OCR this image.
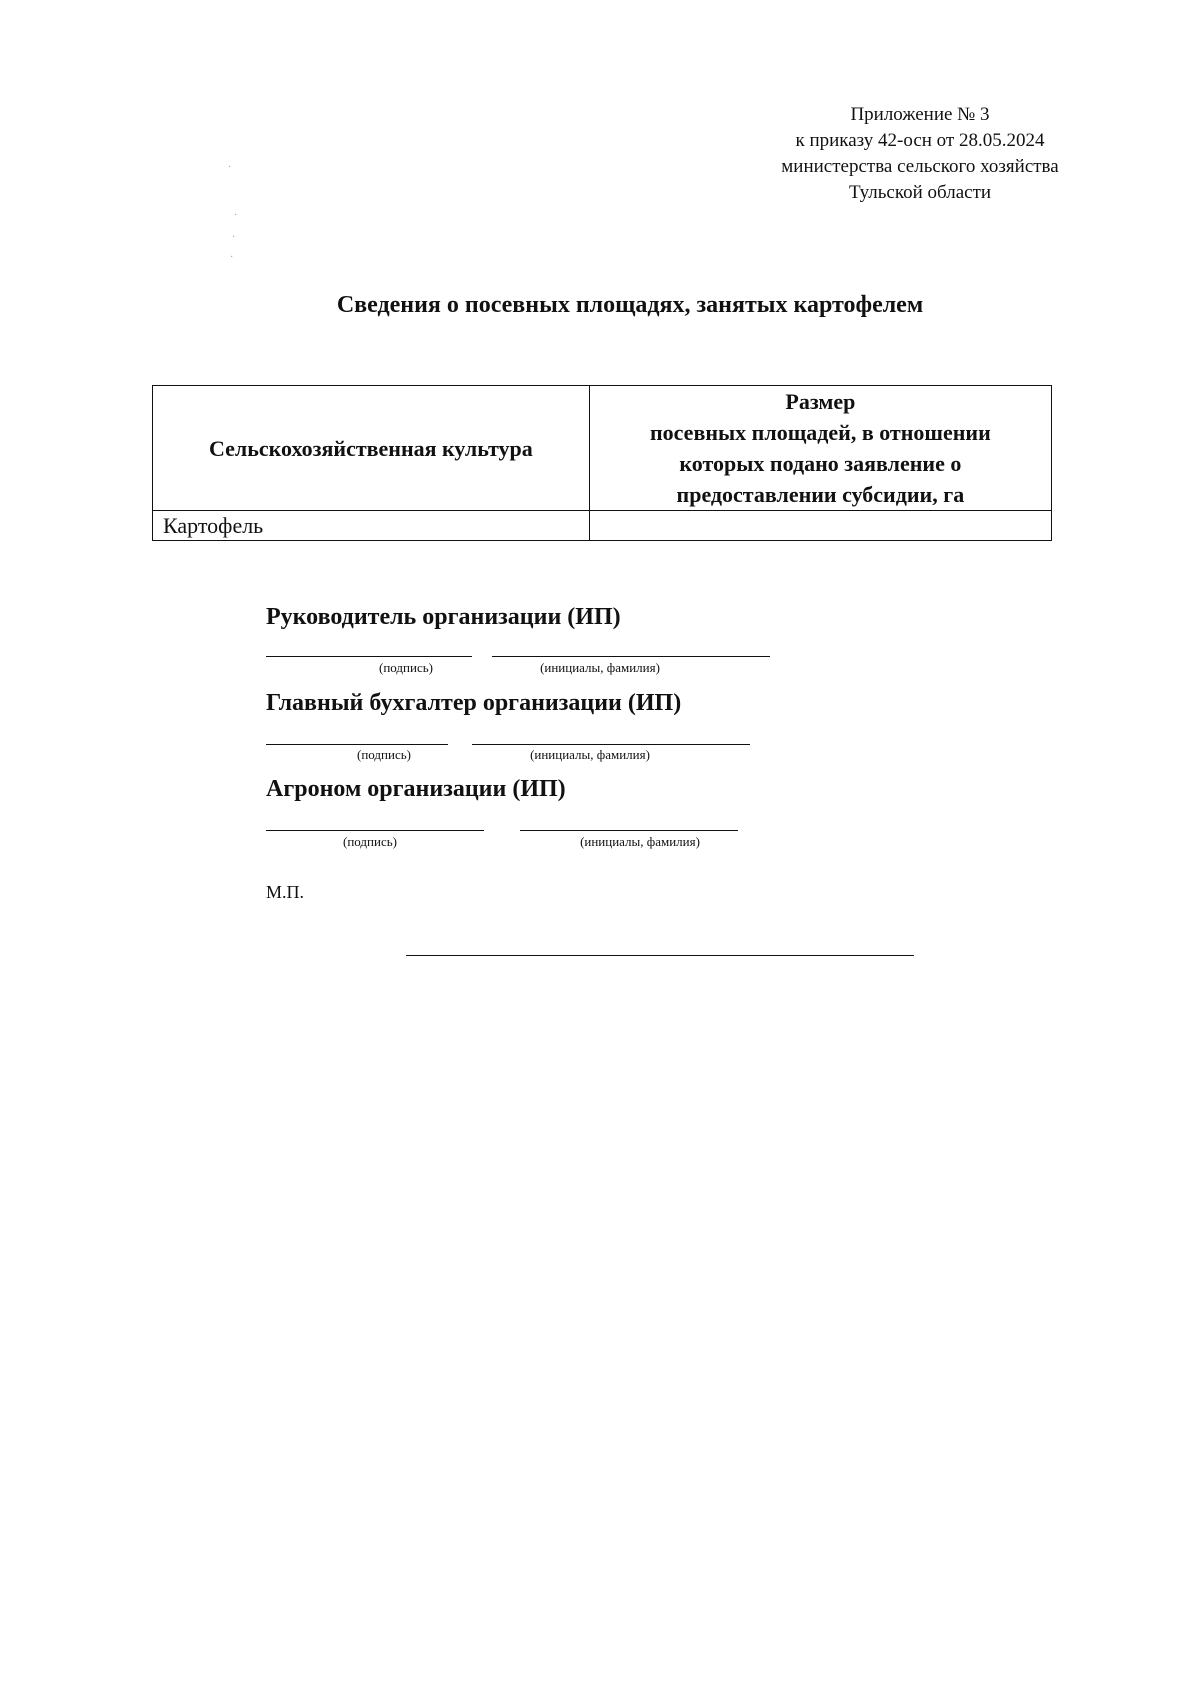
Приложение № 3
к приказу 42-осн от 28.05.2024
министерства сельского хозяйства
Тульской области
Сведения о посевных площадях, занятых картофелем
Сельскохозяйственная культура	Размер
посевных площадей, в отношении
которых подано заявление о
предоставлении субсидии, га

Картофель	
Руководитель организации (ИП)
(подпись)	(инициалы, фамилия)
Главный бухгалтер организации (ИП)
(подпись)	(инициалы, фамилия)
Агроном организации (ИП)
(подпись)	(инициалы, фамилия)
М.П.
·
·
·
·
